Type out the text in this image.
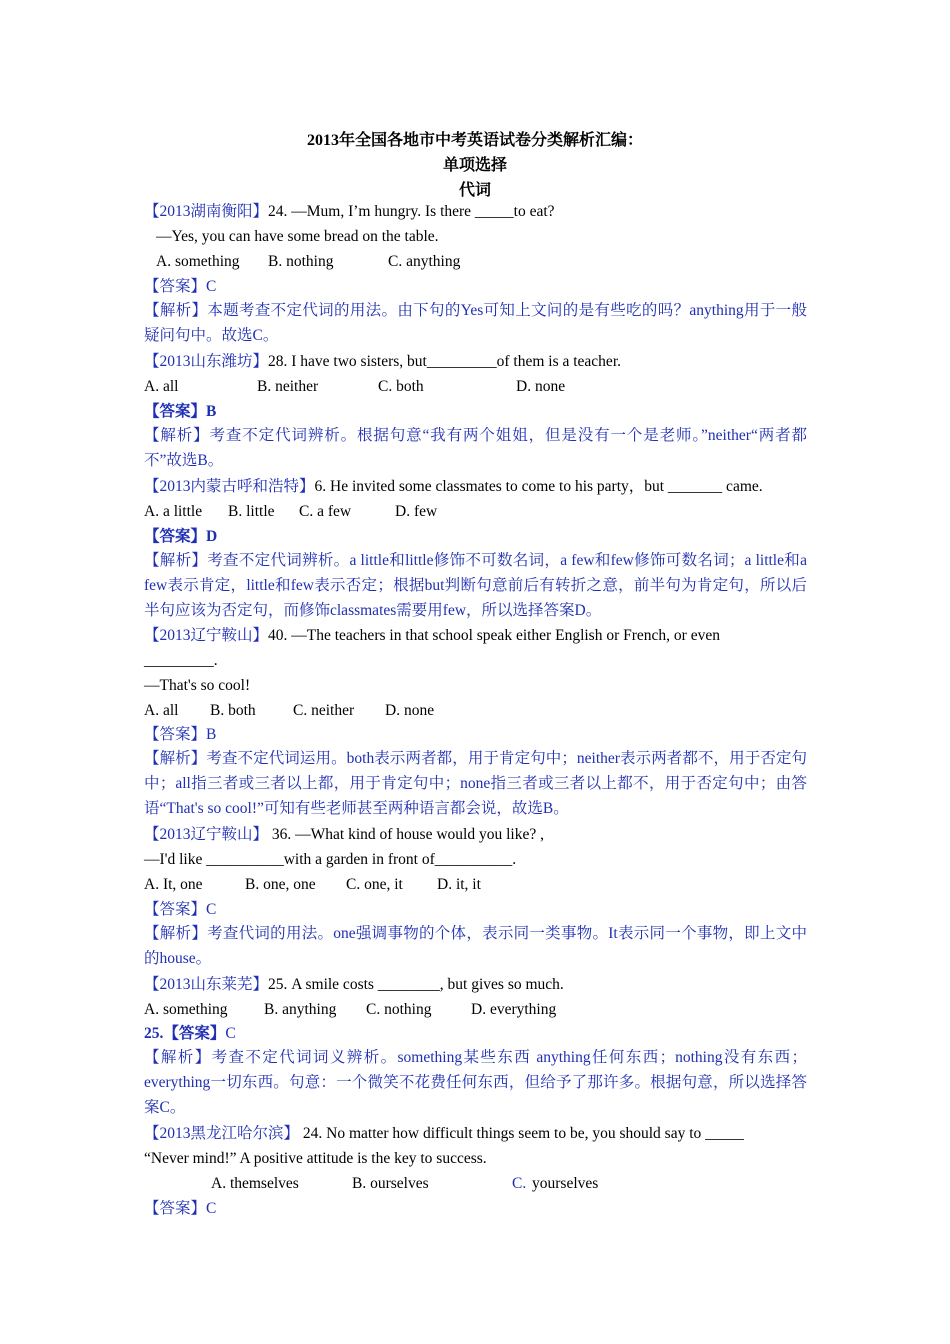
2013年全国各地市中考英语试卷分类解析汇编：
单项选择
代词
【2013湖南衡阳】24. —Mum, I’m hungry. Is there _____to eat?
—Yes, you can have some bread on the table.
A. something B. nothing	C. anything
【答案】C
【解析】本题考查不定代词的用法。由下句的Yes可知上文问的是有些吃的吗？anything用于一般疑问句中。故选C。
【2013山东潍坊】28. I have two sisters, but_________of them is a teacher.
A. all	B. neither	C. both	D. none
【答案】B
【解析】考查不定代词辨析。根据句意“我有两个姐姐，但是没有一个是老师。”neither“两者都不”故选B。
【2013内蒙古呼和浩特】6. He invited some classmates to come to his party，but _______ came.
A. a little B. little C. a few	D. few
【答案】D
【解析】考查不定代词辨析。a little和little修饰不可数名词，a few和few修饰可数名词；a little和a few表示肯定，little和few表示否定；根据but判断句意前后有转折之意，前半句为肯定句，所以后半句应该为否定句，而修饰classmates需要用few，所以选择答案D。
【2013辽宁鞍山】40. —The teachers in that school speak either English or French, or even
_________.
—That's so cool!
A. all B. both C. neither D. none
【答案】B
【解析】考查不定代词运用。both表示两者都，用于肯定句中；neither表示两者都不，用于否定句中；all指三者或三者以上都，用于肯定句中；none指三者或三者以上都不，用于否定句中；由答语“That's so cool!”可知有些老师甚至两种语言都会说，故选B。
【2013辽宁鞍山】 36. —What kind of house would you like? ,
—I'd like __________with a garden in front of__________.
A. It, one	B. one, one C. one, it D. it, it
【答案】C
【解析】考查代词的用法。one强调事物的个体，表示同一类事物。It表示同一个事物，即上文中的house。
【2013山东莱芜】25. A smile costs ________, but gives so much.
A. something B. anything C. nothing	D. everything
25.【答案】C
【解析】考查不定代词词义辨析。something某些东西 anything任何东西；nothing没有东西；everything一切东西。句意：一个微笑不花费任何东西，但给予了那许多。根据句意，所以选择答案C。
【2013黑龙江哈尔滨】 24. No matter how difficult things seem to be, you should say to _____
“Never mind!” A positive attitude is the key to success.
A. themselves	B. ourselves	C. yourselves
【答案】C
